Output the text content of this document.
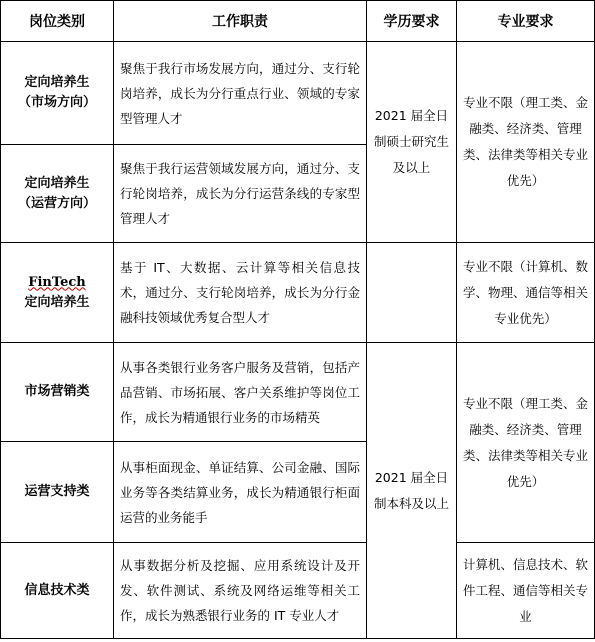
岗位类别	工作职责	学历要求	专业要求

定向培养生
（市场方向）	聚焦于我行市场发展方向，通过分、支行轮岗培养，成长为分行重点行业、领域的专家型管理人才	2021 届全日制硕士研究生及以上	专业不限（理工类、金融类、经济类、管理类、法律类等相关专业优先）

定向培养生
（运营方向）	聚焦于我行运营领域发展方向，通过分、支行轮岗培养，成长为分行运营条线的专家型管理人才		

FinTech
定向培养生	基于 IT、大数据、云计算等相关信息技术，通过分、支行轮岗培养，成长为分行金融科技领域优秀复合型人才		专业不限（计算机、数学、物理、通信等相关专业优先）

市场营销类	从事各类银行业务客户服务及营销，包括产品营销、市场拓展、客户关系维护等岗位工作，成长为精通银行业务的市场精英	2021 届全日制本科及以上	专业不限（理工类、金融类、经济类、管理类、法律类等相关专业优先）

运营支持类	从事柜面现金、单证结算、公司金融、国际业务等各类结算业务，成长为精通银行柜面运营的业务能手		

信息技术类	从事数据分析及挖掘、应用系统设计及开发、软件测试、系统及网络运维等相关工作，成长为熟悉银行业务的 IT 专业人才		计算机、信息技术、软件工程、通信等相关专业
